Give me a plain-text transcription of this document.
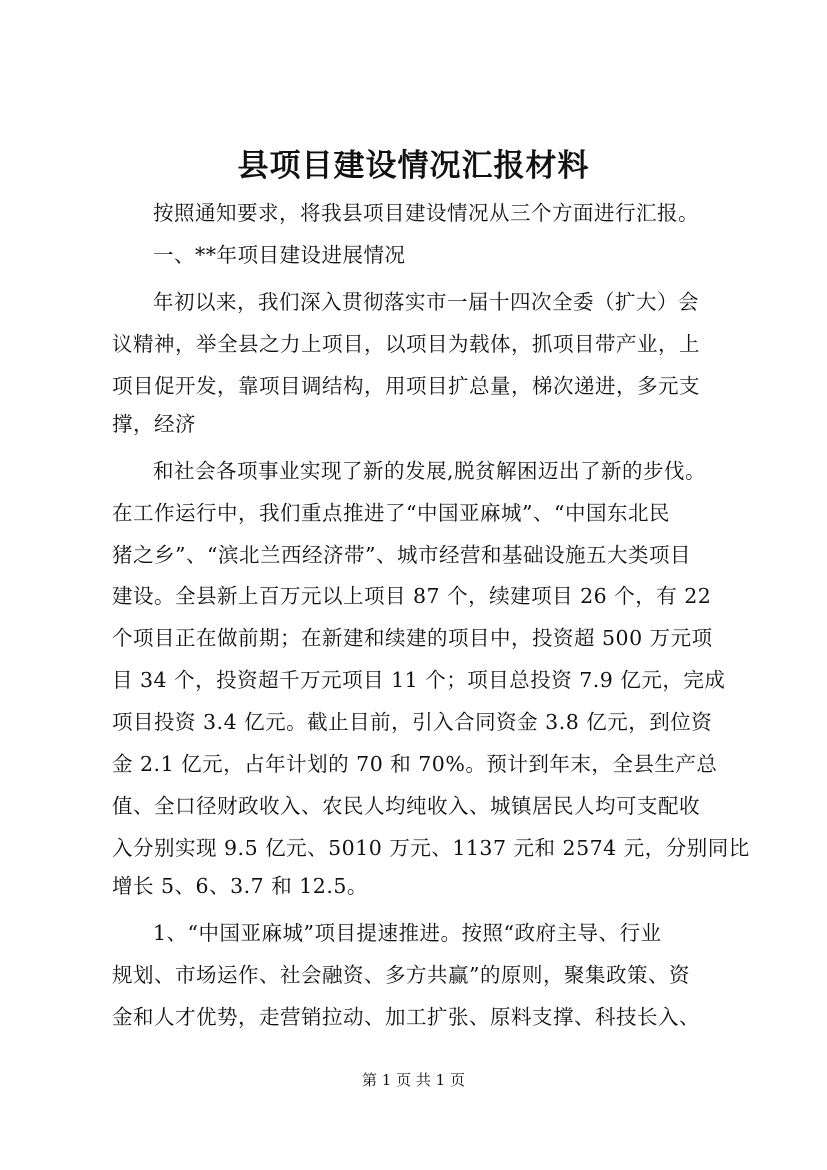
县项目建设情况汇报材料
按照通知要求，将我县项目建设情况从三个方面进行汇报。
一、**年项目建设进展情况
年初以来，我们深入贯彻落实市一届十四次全委（扩大）会
议精神，举全县之力上项目，以项目为载体，抓项目带产业，上
项目促开发，靠项目调结构，用项目扩总量，梯次递进，多元支
撑，经济
和社会各项事业实现了新的发展,脱贫解困迈出了新的步伐。
在工作运行中，我们重点推进了“中国亚麻城”、“中国东北民
猪之乡”、“滨北兰西经济带”、城市经营和基础设施五大类项目
建设。全县新上百万元以上项目 87 个，续建项目 26 个，有 22
个项目正在做前期；在新建和续建的项目中，投资超 500 万元项
目 34 个，投资超千万元项目 11 个；项目总投资 7.9 亿元，完成
项目投资 3.4 亿元。截止目前，引入合同资金 3.8 亿元，到位资
金 2.1 亿元，占年计划的 70 和 70%。预计到年末，全县生产总
值、全口径财政收入、农民人均纯收入、城镇居民人均可支配收
入分别实现 9.5 亿元、5010 万元、1137 元和 2574 元，分别同比
增长 5、6、3.7 和 12.5。
1、“中国亚麻城”项目提速推进。按照“政府主导、行业
规划、市场运作、社会融资、多方共赢”的原则，聚集政策、资
金和人才优势，走营销拉动、加工扩张、原料支撑、科技长入、
第 1 页 共 1 页
